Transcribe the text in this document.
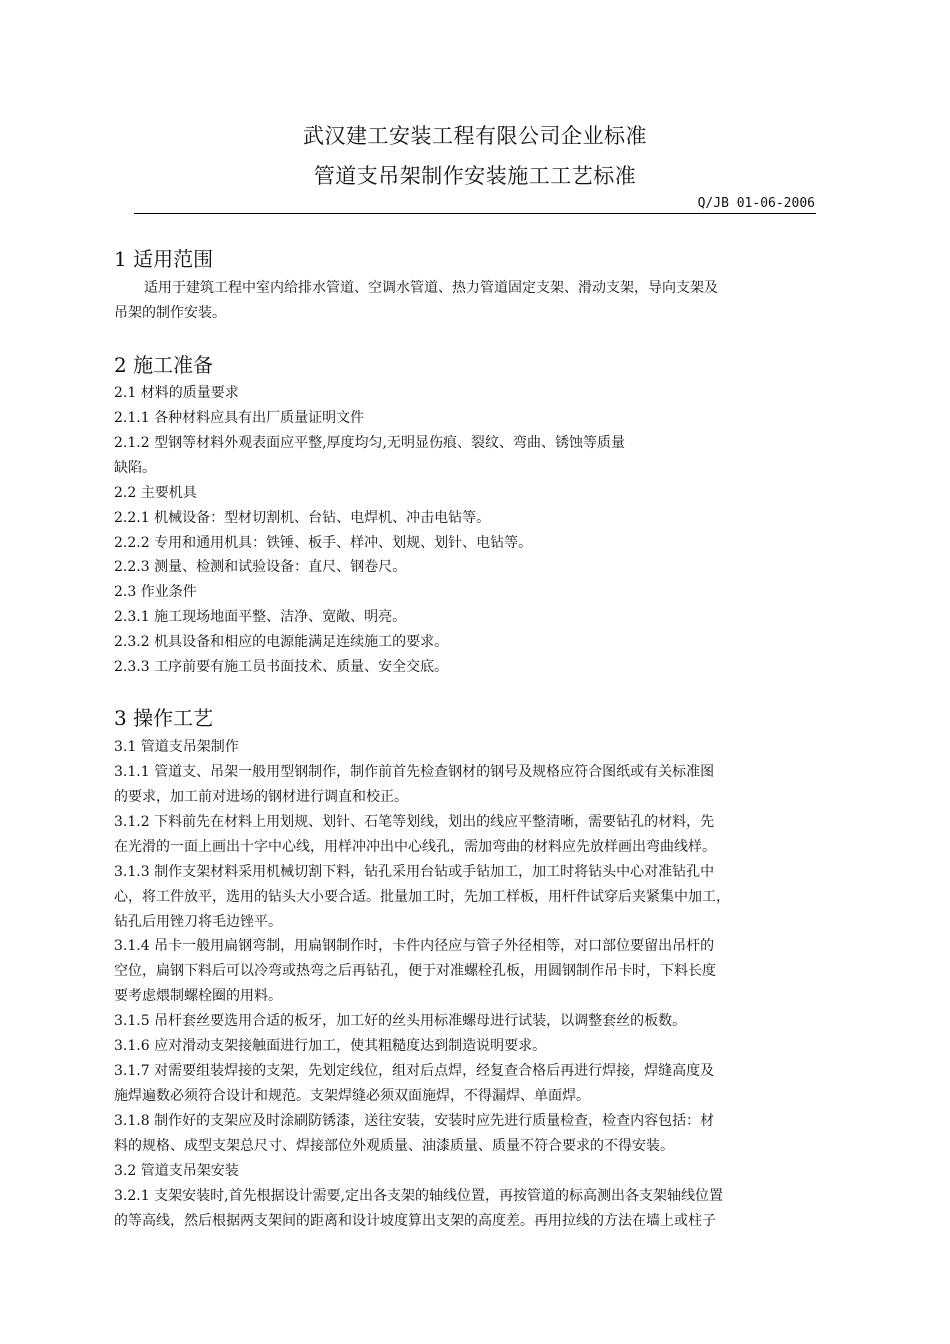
武汉建工安装工程有限公司企业标准
管道支吊架制作安装施工工艺标准
Q/JB 01-06-2006
1 适用范围
适用于建筑工程中室内给排水管道、空调水管道、热力管道固定支架、滑动支架，导向支架及
吊架的制作安装。
2 施工准备
2.1 材料的质量要求
2.1.1 各种材料应具有出厂质量证明文件
2.1.2 型钢等材料外观表面应平整,厚度均匀,无明显伤痕、裂纹、弯曲、锈蚀等质量
缺陷。
2.2 主要机具
2.2.1 机械设备：型材切割机、台钻、电焊机、冲击电钻等。
2.2.2 专用和通用机具：铁锤、板手、样冲、划规、划针、电钻等。
2.2.3 测量、检测和试验设备：直尺、钢卷尺。
2.3 作业条件
2.3.1 施工现场地面平整、洁净、宽敞、明亮。
2.3.2 机具设备和相应的电源能满足连续施工的要求。
2.3.3 工序前要有施工员书面技术、质量、安全交底。
3 操作工艺
3.1 管道支吊架制作
3.1.1 管道支、吊架一般用型钢制作，制作前首先检查钢材的钢号及规格应符合图纸或有关标准图
的要求，加工前对进场的钢材进行调直和校正。
3.1.2 下料前先在材料上用划规、划针、石笔等划线，划出的线应平整清晰，需要钻孔的材料，先
在光滑的一面上画出十字中心线，用样冲冲出中心线孔，需加弯曲的材料应先放样画出弯曲线样。
3.1.3 制作支架材料采用机械切割下料，钻孔采用台钻或手钻加工，加工时将钻头中心对准钻孔中
心，将工件放平，选用的钻头大小要合适。批量加工时，先加工样板，用杆件试穿后夹紧集中加工，
钻孔后用锉刀将毛边锉平。
3.1.4 吊卡一般用扁钢弯制，用扁钢制作时，卡件内径应与管子外径相等，对口部位要留出吊杆的
空位，扁钢下料后可以冷弯或热弯之后再钻孔，便于对准螺栓孔板，用圆钢制作吊卡时，下料长度
要考虑煨制螺栓圈的用料。
3.1.5 吊杆套丝要选用合适的板牙，加工好的丝头用标准螺母进行试装，以调整套丝的板数。
3.1.6 应对滑动支架接触面进行加工，使其粗糙度达到制造说明要求。
3.1.7 对需要组装焊接的支架，先划定线位，组对后点焊，经复查合格后再进行焊接，焊缝高度及
施焊遍数必须符合设计和规范。支架焊缝必须双面施焊，不得漏焊、单面焊。
3.1.8 制作好的支架应及时涂刷防锈漆，送往安装，安装时应先进行质量检查，检查内容包括：材
料的规格、成型支架总尺寸、焊接部位外观质量、油漆质量、质量不符合要求的不得安装。
3.2 管道支吊架安装
3.2.1 支架安装时,首先根据设计需要,定出各支架的轴线位置，再按管道的标高测出各支架轴线位置
的等高线，然后根据两支架间的距离和设计坡度算出支架的高度差。再用拉线的方法在墙上或柱子
